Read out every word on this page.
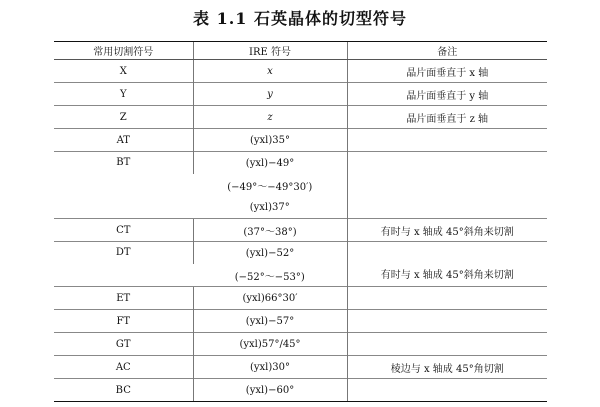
表 1.1 石英晶体的切型符号
常用切割符号	IRE 符号	备注
X	x	晶片面垂直于 x 轴
Y	y	晶片面垂直于 y 轴
Z	z	晶片面垂直于 z 轴
AT	(yxl)35°	
BT	(yxl)−49°	
	(−49°～−49°30′)	
	(yxl)37°	
CT	(37°～38°)	有时与 x 轴成 45°斜角来切割
DT	(yxl)−52°	有时与 x 轴成 45°斜角来切割
	(−52°～−53°)	
ET	(yxl)66°30′	
FT	(yxl)−57°	
GT	(yxl)57°/45°	
AC	(yxl)30°	棱边与 x 轴成 45°角切割
BC	(yxl)−60°	
